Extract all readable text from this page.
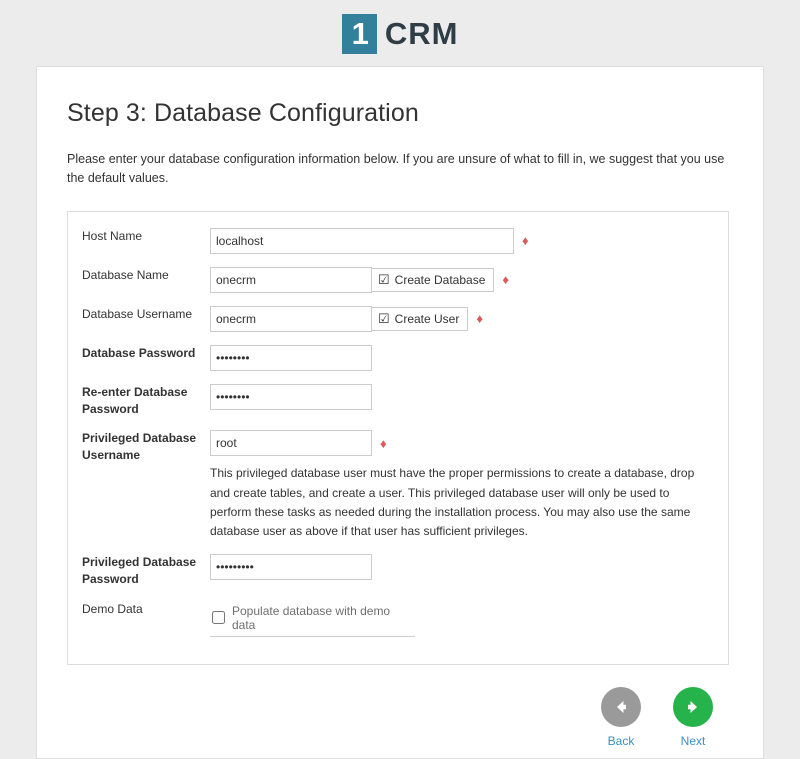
1 CRM
Step 3: Database Configuration
Please enter your database configuration information below. If you are unsure of what to fill in, we suggest that you use the default values.
Host Name	
localhost♦

Database Name	
onecrm☑ Create Database ♦

Database Username	
onecrm☑ Create User ♦

Database Password	
••••••••

Re-enter Database Password	
••••••••

Privileged Database Username	
root
♦
This privileged database user must have the proper permissions to create a database, drop and create tables, and create a user. This privileged database user will only be used to perform these tasks as needed during the installation process. You may also use the same database user as above if that user has sufficient privileges.

Privileged Database Password	
•••••••••

Demo Data	Populate database with demo data
Back	Next
